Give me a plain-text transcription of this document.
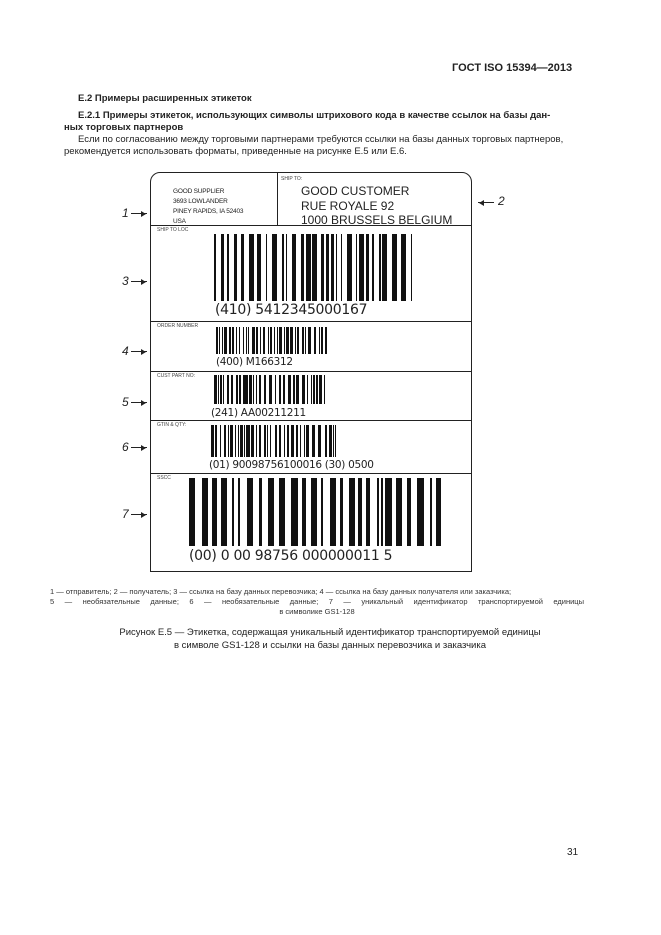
ГОСТ ISO 15394—2013
Е.2 Примеры расширенных этикеток
Е.2.1 Примеры этикеток, использующих символы штрихового кода в качестве ссылок на базы дан-
ных торговых партнеров
Если по согласованию между торговыми партнерами требуются ссылки на базы данных торговых партнеров,
рекомендуется использовать форматы, приведенные на рисунке Е.5 или Е.6.
GOOD SUPPLIER
3693 LOWLANDER
PINEY RAPIDS, IA 52403
USA
SHIP TO:
GOOD CUSTOMER
RUE ROYALE 92
1000 BRUSSELS BELGIUM
SHIP TO LOC
(410) 5412345000167
ORDER NUMBER
(400) M166312
CUST PART NO:
(241) AA00211211
GTIN & QTY:
(01) 90098756100016 (30) 0500
SSCC
(00) 0 00 98756 000000011 5
1
2
3
4
5
6
7
1 — отправитель; 2 — получатель; 3 — ссылка на базу данных перевозчика; 4 — ссылка на базу данных получателя или заказчика;
5 — необязательные данные; 6 — необязательные данные; 7 — уникальный идентификатор транспортируемой единицы
в символике GS1-128
Рисунок Е.5 — Этикетка, содержащая уникальный идентификатор транспортируемой единицы
в символе GS1-128 и ссылки на базы данных перевозчика и заказчика
31
